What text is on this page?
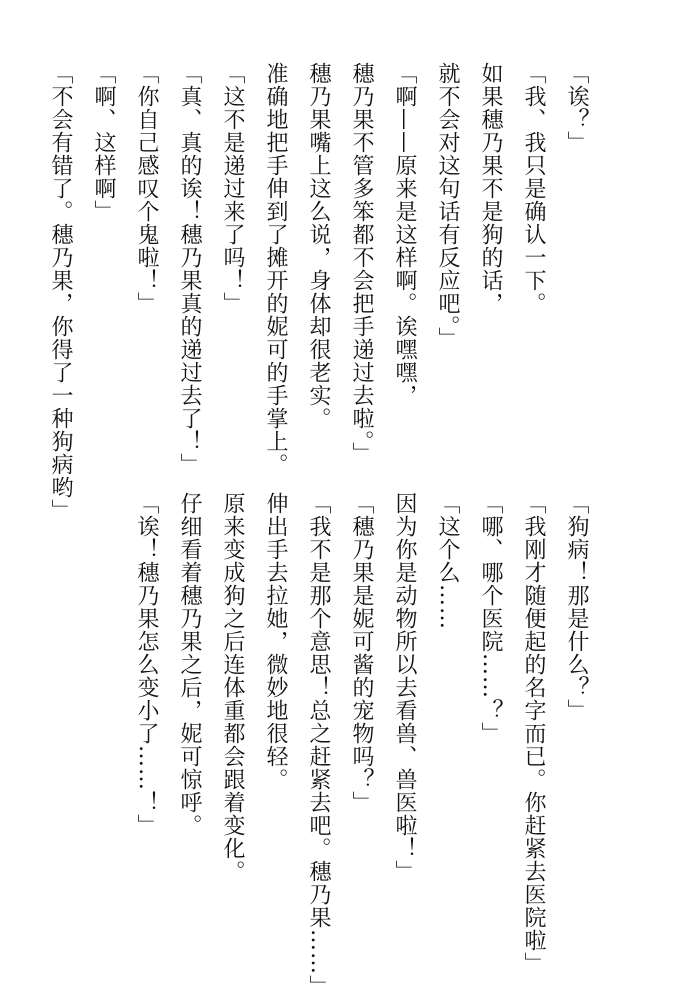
「诶？」
「我、我只是确认一下。
如果穗乃果不是狗的话，
就不会对这句话有反应吧。」
「啊——原来是这样啊。诶嘿嘿，
穗乃果不管多笨都不会把手递过去啦。」
穗乃果嘴上这么说，身体却很老实。
准确地把手伸到了摊开的妮可的手掌上。
「这不是递过来了吗！」
「真、真的诶！穗乃果真的递过去了！」
「你自己感叹个鬼啦！」
「啊、这样啊」
「不会有错了。穗乃果，你得了一种狗病哟」
「狗病！那是什么？」
「我刚才随便起的名字而已。你赶紧去医院啦」
「哪、哪个医院……？」
「这个么……
因为你是动物所以去看兽、兽医啦！」
「穗乃果是妮可酱的宠物吗？」
「我不是那个意思！总之赶紧去吧。穗乃果……」
伸出手去拉她，微妙地很轻。
原来变成狗之后连体重都会跟着变化。
仔细看着穗乃果之后，妮可惊呼。
「诶！穗乃果怎么变小了……！」
